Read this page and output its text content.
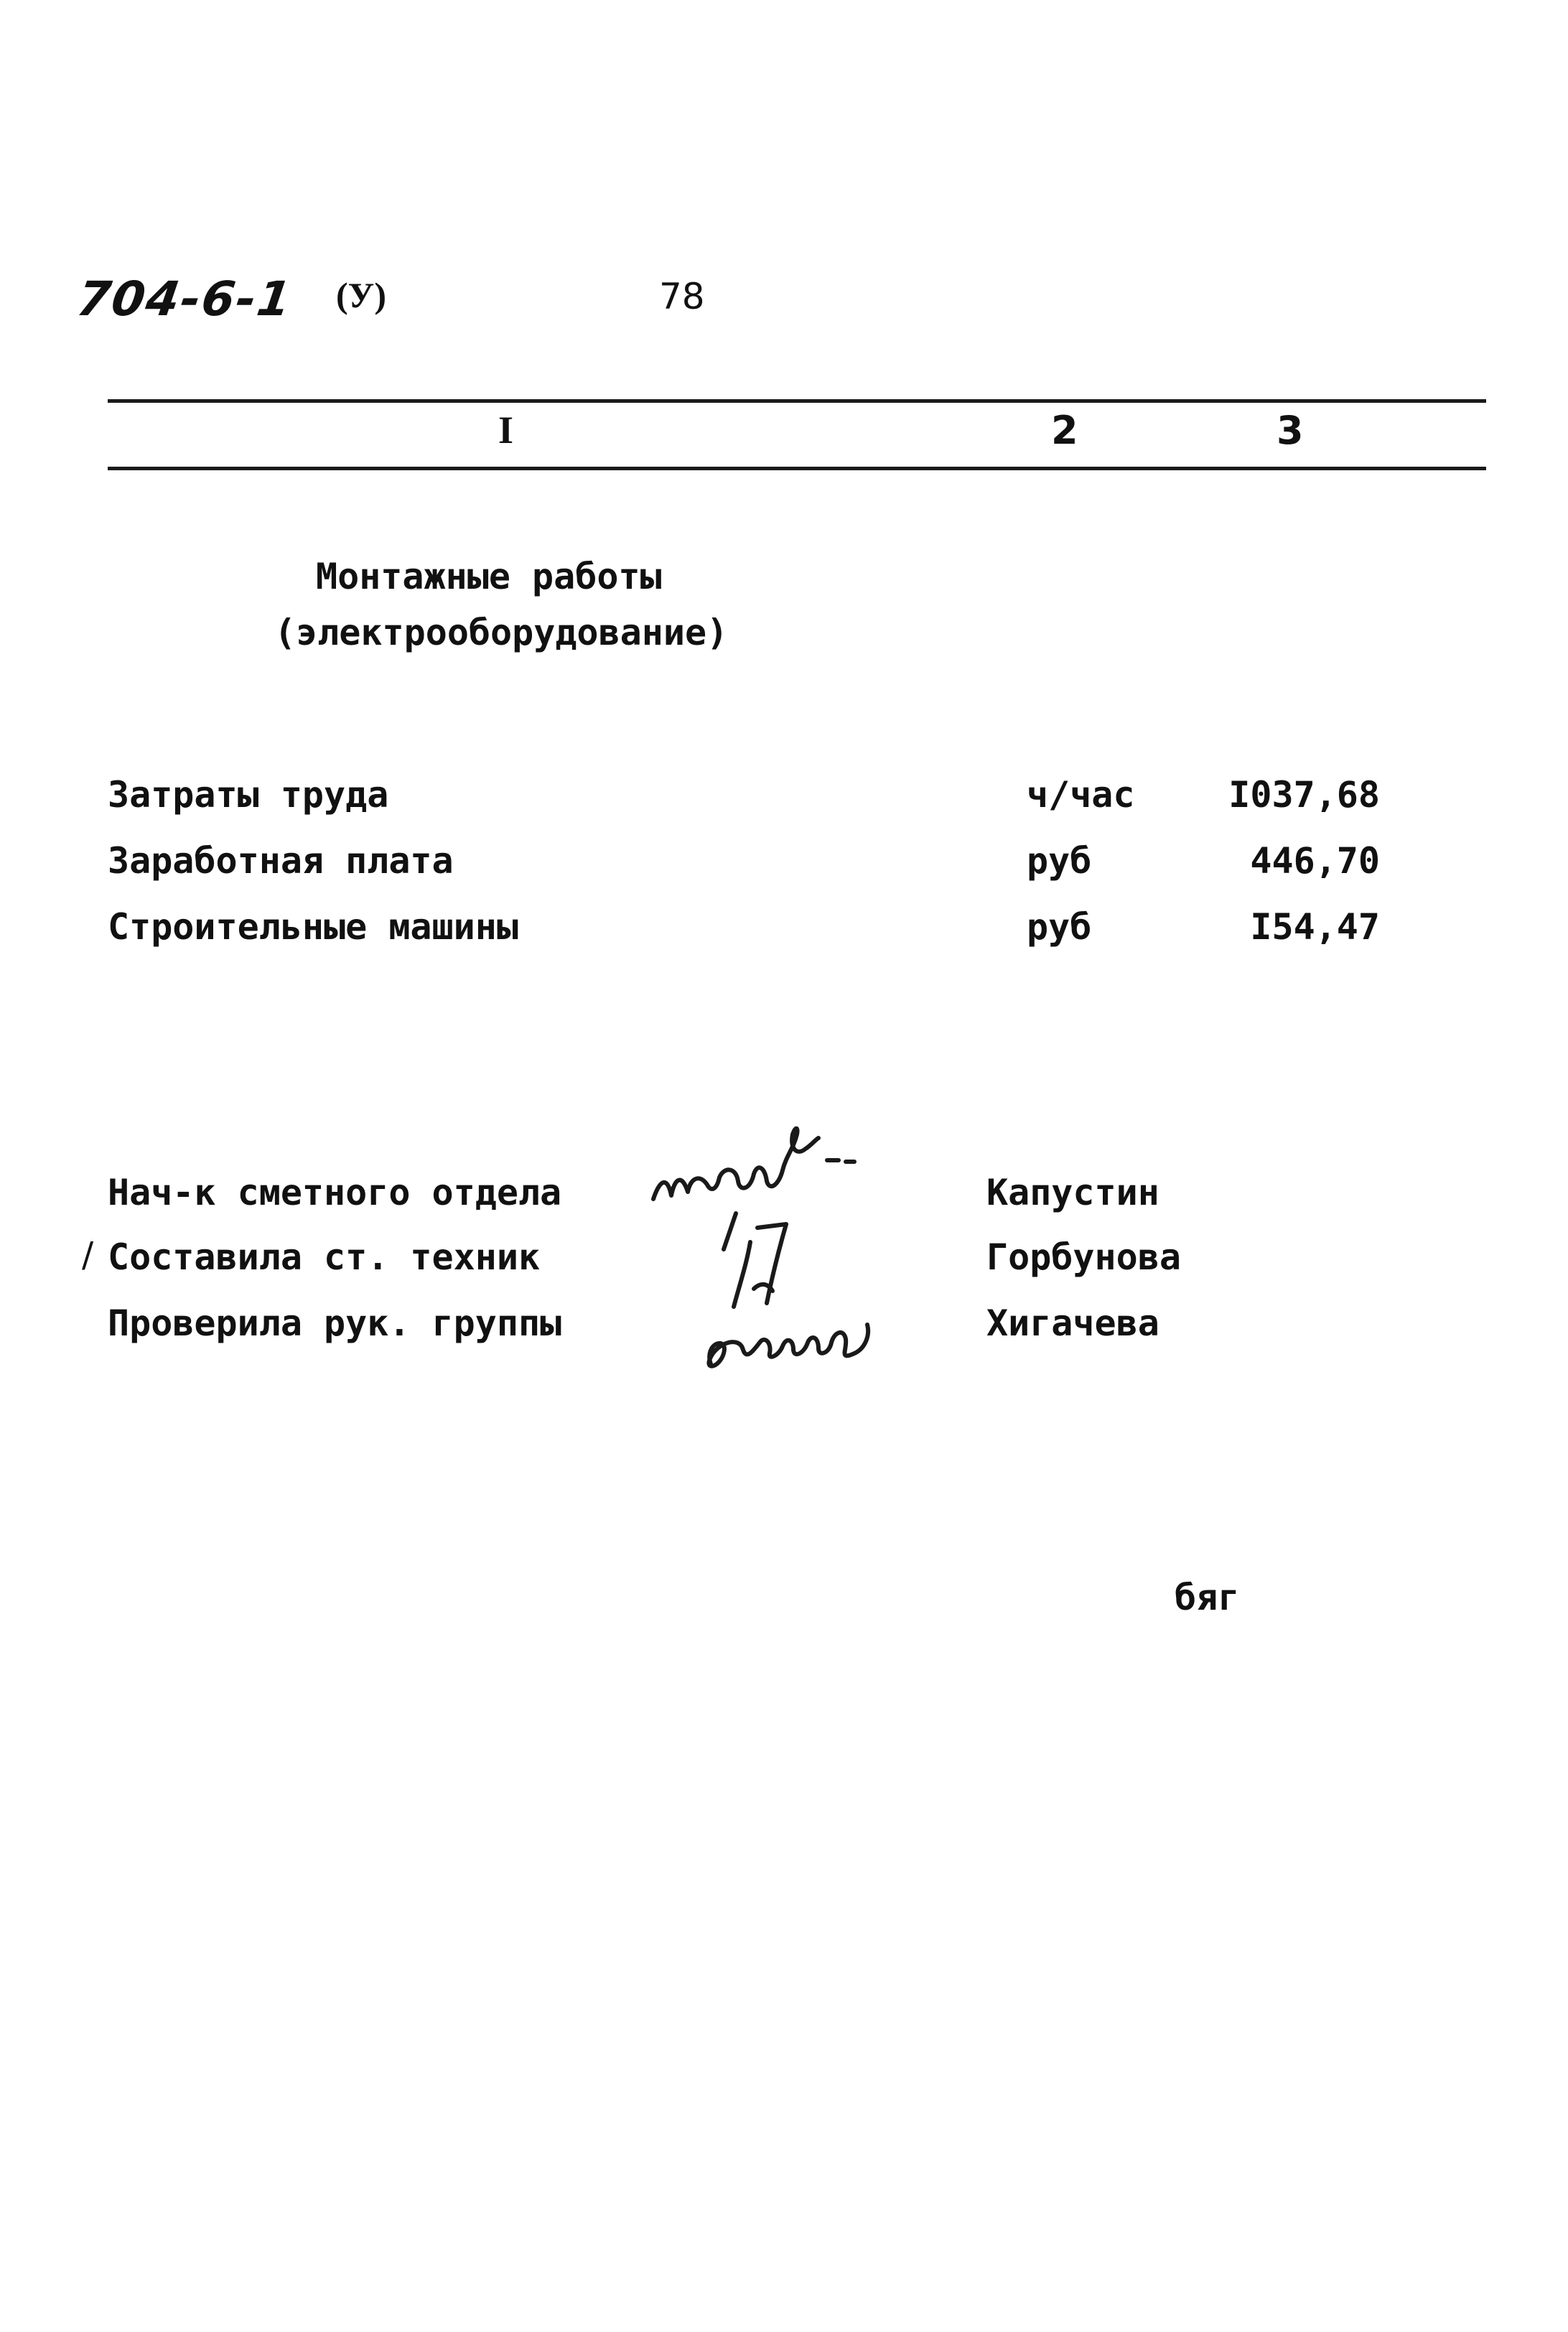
704-6-1 (У)	78
I	2	3
Монтажные работы
(электрооборудование)
Затраты труда	ч/час	I037,68
Заработная плата	руб	446,70
Строительные машины	руб	I54,47
/
Нач-к сметного отдела	Капустин
Составила ст. техник	Горбунова
Проверила рук. группы	Хигачева
бяг
